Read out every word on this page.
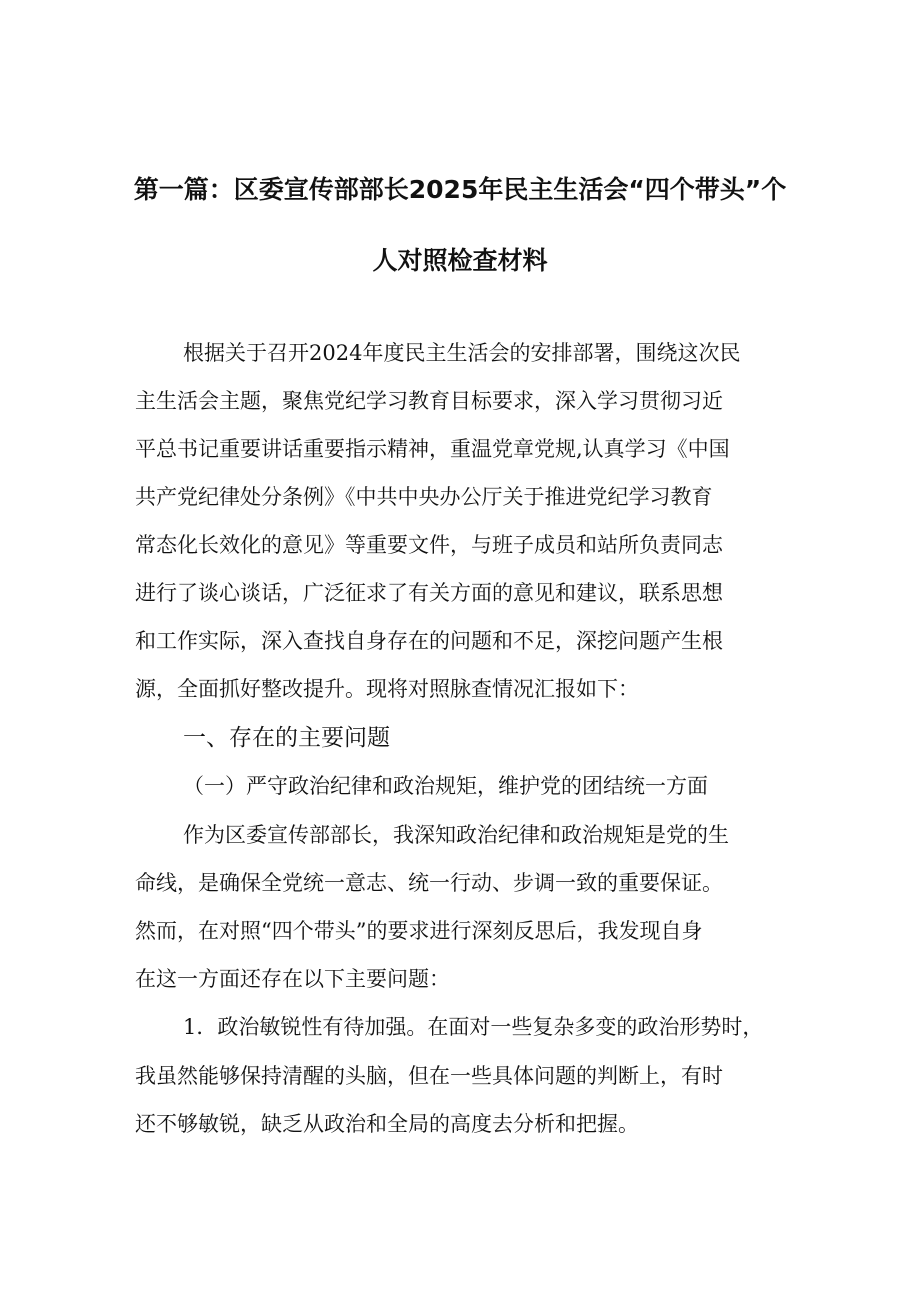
第一篇：区委宣传部部长2025年民主生活会“四个带头”个
人对照检查材料
根据关于召开2024年度民主生活会的安排部署，围绕这次民
主生活会主题，聚焦党纪学习教育目标要求，深入学习贯彻习近
平总书记重要讲话重要指示精神，重温党章党规,认真学习《中国
共产党纪律处分条例》《中共中央办公厅关于推进党纪学习教育
常态化长效化的意见》等重要文件，与班子成员和站所负责同志
进行了谈心谈话，广泛征求了有关方面的意见和建议，联系思想
和工作实际，深入查找自身存在的问题和不足，深挖问题产生根
源，全面抓好整改提升。现将对照脉查情况汇报如下：
一、存在的主要问题
（一）严守政治纪律和政治规矩，维护党的团结统一方面
作为区委宣传部部长，我深知政治纪律和政治规矩是党的生
命线，是确保全党统一意志、统一行动、步调一致的重要保证。
然而，在对照“四个带头”的要求进行深刻反思后，我发现自身
在这一方面还存在以下主要问题：
1．政治敏锐性有待加强。在面对一些复杂多变的政治形势时，
我虽然能够保持清醒的头脑，但在一些具体问题的判断上，有时
还不够敏锐，缺乏从政治和全局的高度去分析和把握。
